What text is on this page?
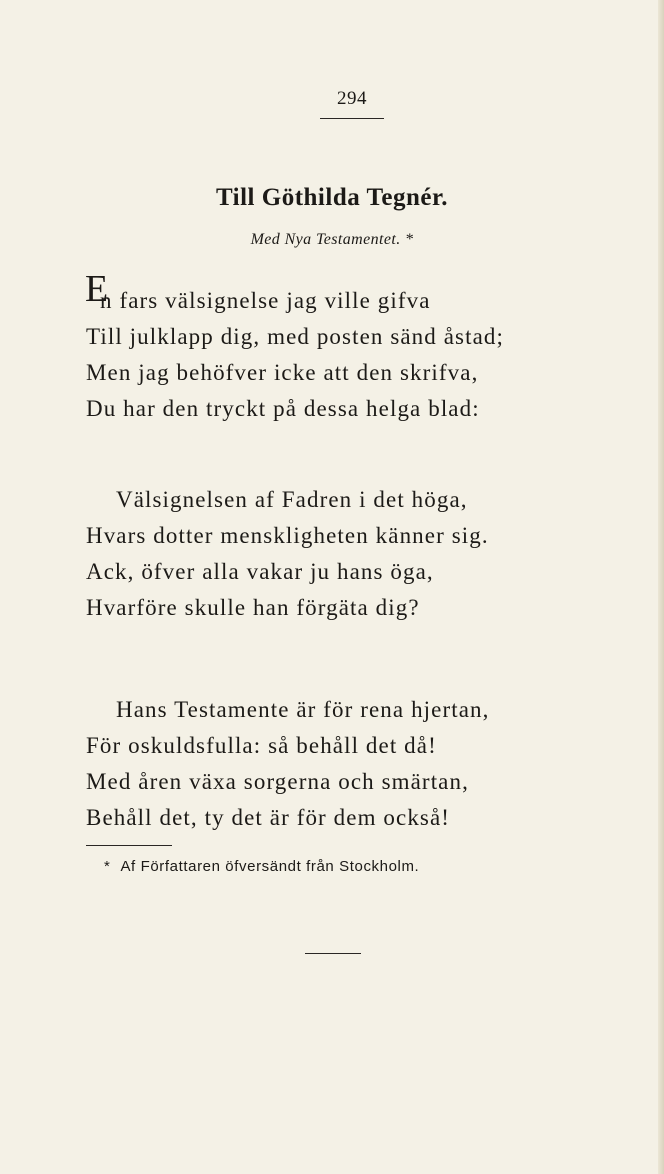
294
Till Göthilda Tegnér.
Med Nya Testamentet. *
E
n fars välsignelse jag ville gifva
Till julklapp dig, med posten sänd åstad;
Men jag behöfver icke att den skrifva,
Du har den tryckt på dessa helga blad:
Välsignelsen af Fadren i det höga,
Hvars dotter menskligheten känner sig.
Ack, öfver alla vakar ju hans öga,
Hvarföre skulle han förgäta dig?
Hans Testamente är för rena hjertan,
För oskuldsfulla: så behåll det då!
Med åren växa sorgerna och smärtan,
Behåll det, ty det är för dem också!
* Af Författaren öfversändt från Stockholm.
